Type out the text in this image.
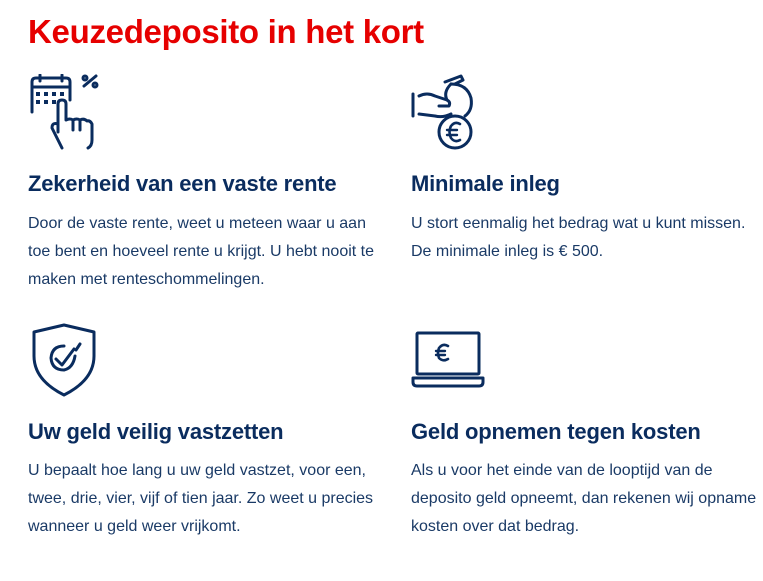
Keuzedeposito in het kort
Zekerheid van een vaste rente

Door de vaste rente, weet u meteen waar u aan toe bent en hoeveel rente u krijgt. U hebt nooit te maken met renteschommelingen.

Minimale inleg

U stort eenmalig het bedrag wat u kunt missen. De minimale inleg is € 500.

Uw geld veilig vastzetten

U bepaalt hoe lang u uw geld vastzet, voor een, twee, drie, vier, vijf of tien jaar. Zo weet u precies wanneer u geld weer vrijkomt.

Geld opnemen tegen kosten

Als u voor het einde van de looptijd van de deposito geld opneemt, dan rekenen wij opname kosten over dat bedrag.
